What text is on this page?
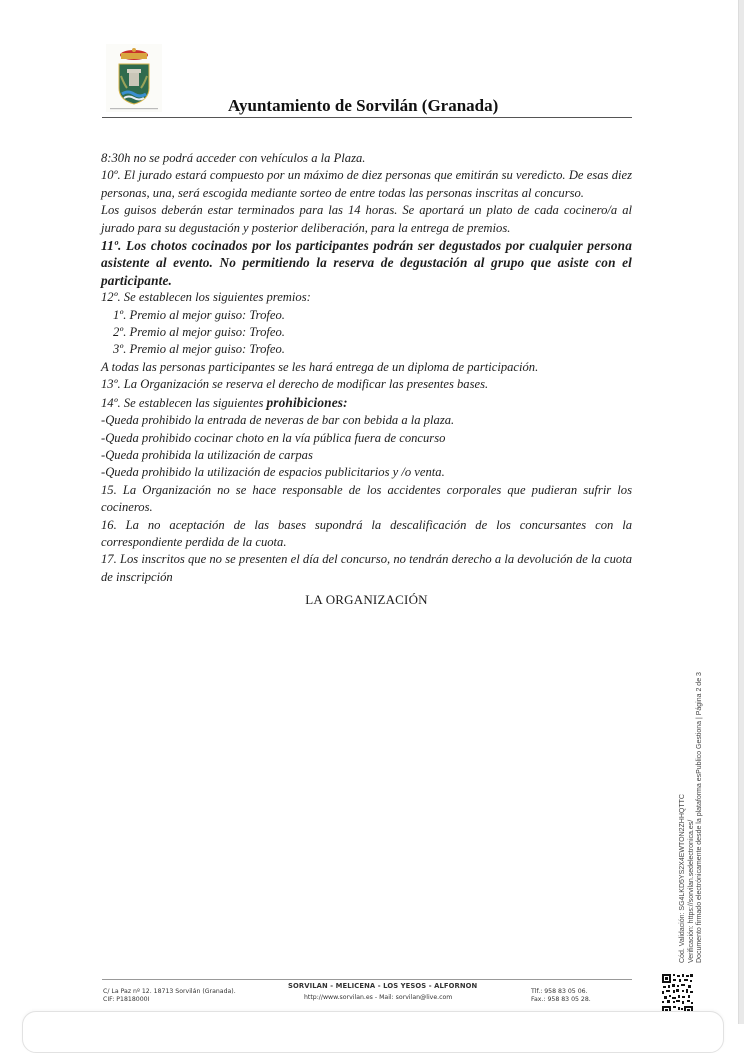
Ayuntamiento de Sorvilán (Granada)

8:30h no se podrá acceder con vehículos a la Plaza.

10º. El jurado estará compuesto por un máximo de diez personas que emitirán su veredicto. De esas diez personas, una, será escogida mediante sorteo de entre todas las personas inscritas al concurso.

Los guisos deberán estar terminados para las 14 horas. Se aportará un plato de cada cocinero/a al jurado para su degustación y posterior deliberación, para la entrega de premios.

11º. Los chotos cocinados por los participantes podrán ser degustados por cualquier persona asistente al evento. No permitiendo la reserva de degustación al grupo que asiste con el participante.

12º. Se establecen los siguientes premios:

1º. Premio al mejor guiso: Trofeo.

2º. Premio al mejor guiso: Trofeo.

3º. Premio al mejor guiso: Trofeo.

A todas las personas participantes se les hará entrega de un diploma de participación.

13º. La Organización se reserva el derecho de modificar las presentes bases.

14º. Se establecen las siguientes prohibiciones:

-Queda prohibido la entrada de neveras de bar con bebida a la plaza.

-Queda prohibido cocinar choto en la vía pública fuera de concurso

-Queda prohibida la utilización de carpas

-Queda prohibido la utilización de espacios publicitarios y /o venta.

15. La Organización no se hace responsable de los accidentes corporales que pudieran sufrir los cocineros.

16. La no aceptación de las bases supondrá la descalificación de los concursantes con la correspondiente perdida de la cuota.

17. Los inscritos que no se presenten el día del concurso, no tendrán derecho a la devolución de la cuota de inscripción

LA ORGANIZACIÓN

Cód. Validación: SG4LKD5YS2X4EWTON2ZHHQTTC Verificación: https://sorvilan.sedelectronica.es/ Documento firmado electrónicamente desde la plataforma esPublico Gestiona | Página 2 de 3
C/ La Paz nº 12. 18713 Sorvilán (Granada).
CIF: P1818000I
SORVILAN - MELICENA - LOS YESOS - ALFORNON
http://www.sorvilan.es - Mail: sorvilan@live.com
Tlf.: 958 83 05 06.
Fax.: 958 83 05 28.
